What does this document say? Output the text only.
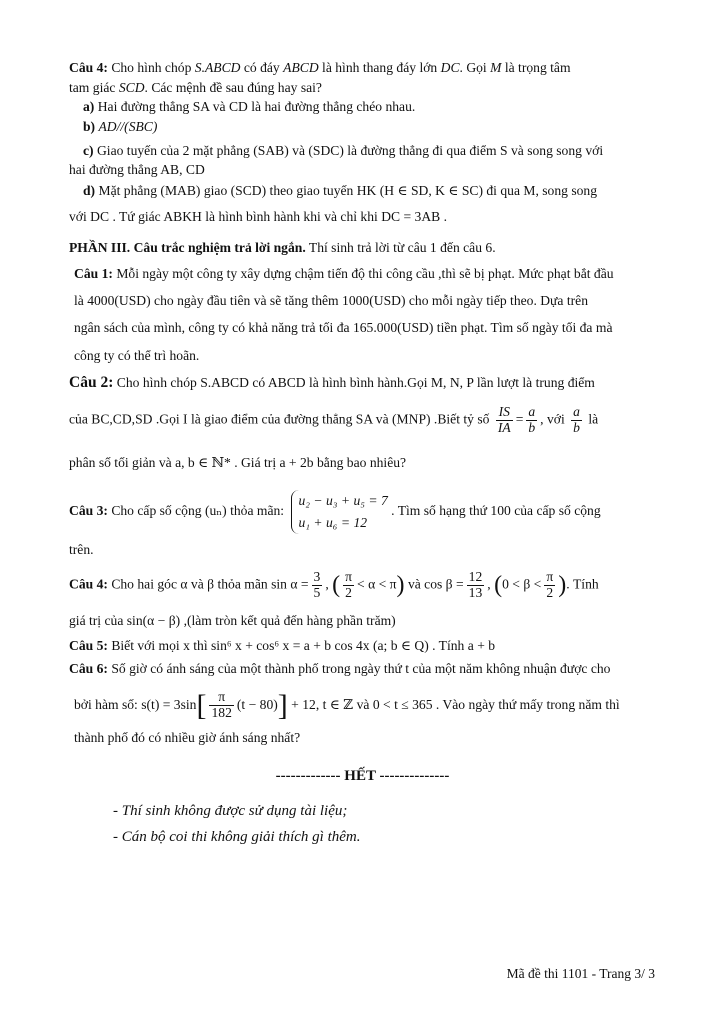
Câu 4: Cho hình chóp S.ABCD có đáy ABCD là hình thang đáy lớn DC. Gọi M là trọng tâm
tam giác SCD. Các mệnh đề sau đúng hay sai?
a) Hai đường thẳng SA và CD là hai đường thẳng chéo nhau.
b) AD//(SBC)
c) Giao tuyến của 2 mặt phẳng (SAB) và (SDC) là đường thẳng đi qua điểm S và song song với
hai đường thẳng AB, CD
d) Mặt phẳng (MAB) giao (SCD) theo giao tuyến HK (H ∈ SD, K ∈ SC) đi qua M, song song
với DC . Tứ giác ABKH là hình bình hành khi và chỉ khi DC = 3AB .
PHẦN III. Câu trắc nghiệm trả lời ngắn. Thí sinh trả lời từ câu 1 đến câu 6.
Câu 1: Mỗi ngày một công ty xây dựng chậm tiến độ thi công cầu ,thì sẽ bị phạt. Mức phạt bắt đầu
là 4000(USD) cho ngày đầu tiên và sẽ tăng thêm 1000(USD) cho mỗi ngày tiếp theo. Dựa trên
ngân sách của mình, công ty có khả năng trả tối đa 165.000(USD) tiền phạt. Tìm số ngày tối đa mà
công ty có thể trì hoãn.
Câu 2: Cho hình chóp S.ABCD có ABCD là hình bình hành.Gọi M, N, P lần lượt là trung điểm
của BC,CD,SD .Gọi I là giao điểm của đường thẳng SA và (MNP) .Biết tỷ số $\frac{IS}{IA} = \frac{a}{b}$ , với $\frac{a}{b}$ là
phân số tối giản và a, b ∈ ℕ* . Giá trị a + 2b bằng bao nhiêu?
Câu 3: Cho cấp số cộng (uₙ) thỏa mãn: u₂ − u₃ + u₅ = 7
u₁ + u₆ = 12 . Tìm số hạng thứ 100 của cấp số cộng
trên.
Câu 4: Cho hai góc α và β thỏa mãn $\sin \alpha = \frac{3}{5}$ , ( $\frac{\pi}{2} < \alpha < \pi$) và $\cos \beta = \frac{12}{13}$ , ($0 < \beta < \frac{\pi}{2}$ ). Tính
giá trị của sin(α − β) ,(làm tròn kết quả đến hàng phần trăm)
Câu 5: Biết với mọi x thì sin⁶ x + cos⁶ x = a + b cos 4x (a; b ∈ Q) . Tính a + b
Câu 6: Số giờ có ánh sáng của một thành phố trong ngày thứ t của một năm không nhuận được cho
bởi hàm số: $s(t) = 3\sin[ \frac{\pi}{182} (t - 80)] + 12$, t ∈ ℤ và 0 < t ≤ 365 . Vào ngày thứ mấy trong năm thì
thành phố đó có nhiều giờ ánh sáng nhất?
------------- HẾT --------------
- Thí sinh không được sử dụng tài liệu;
- Cán bộ coi thi không giải thích gì thêm.
Mã đề thi 1101 - Trang 3/ 3
